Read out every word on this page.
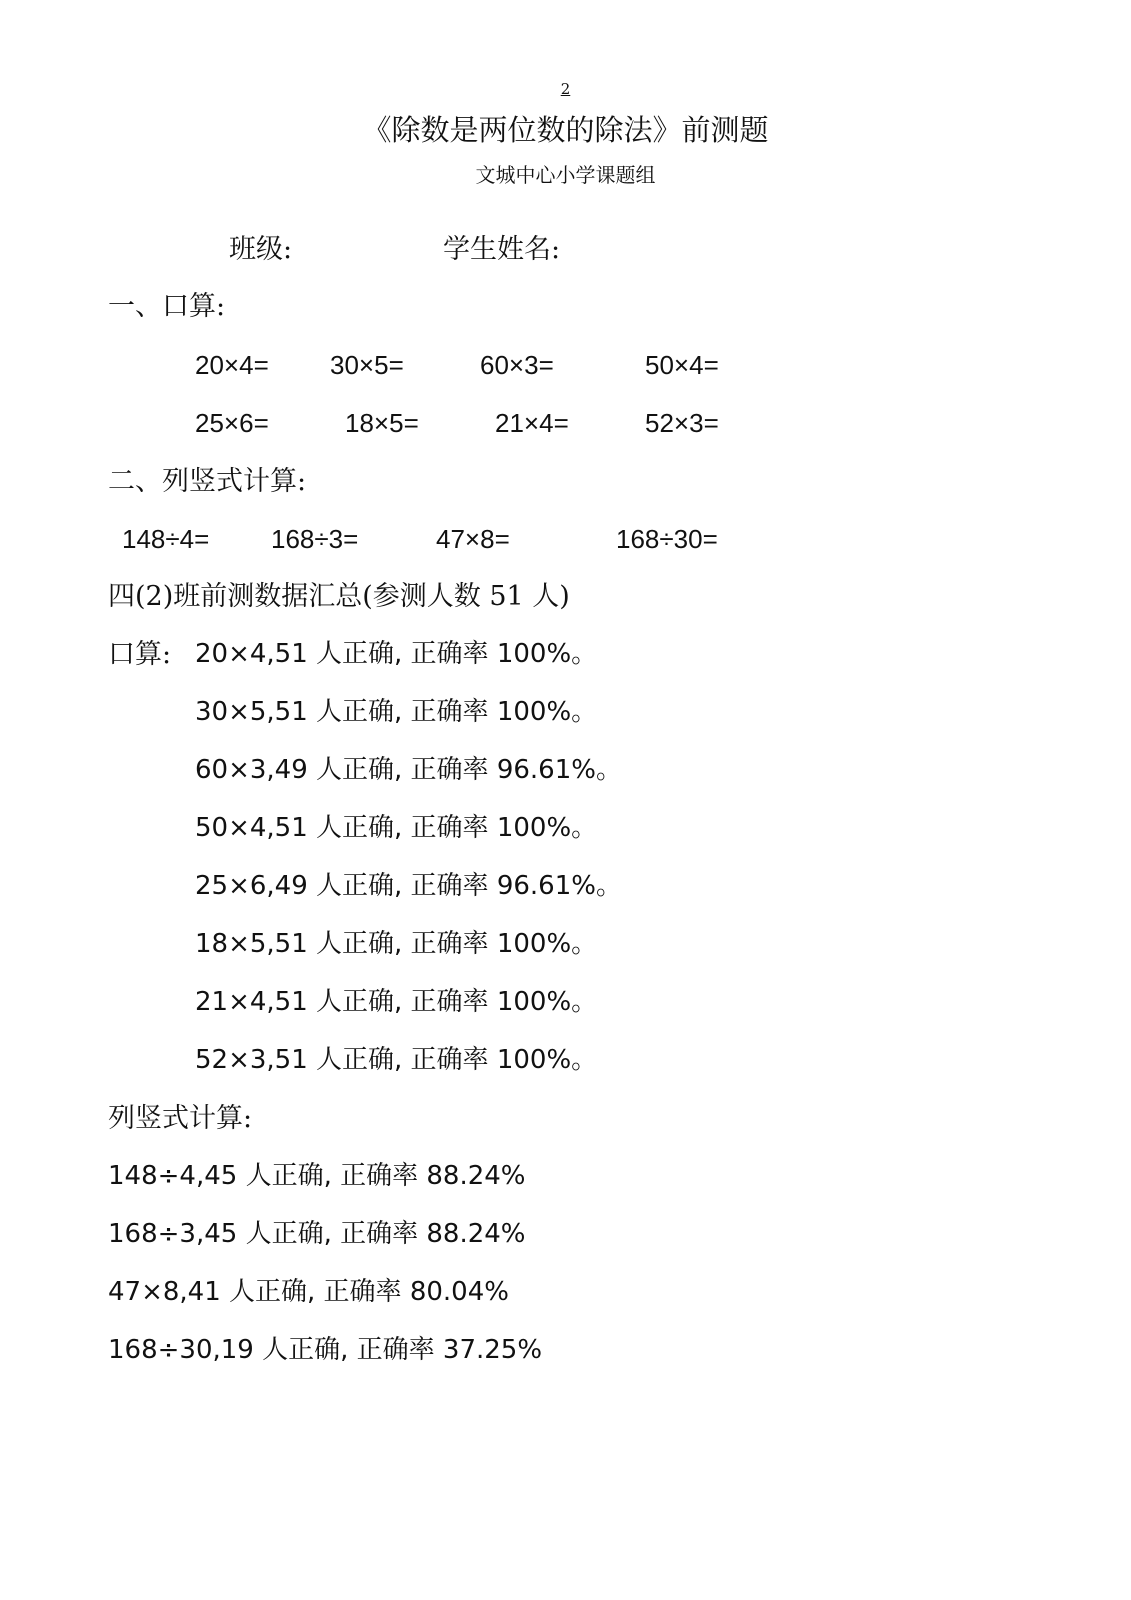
2
《除数是两位数的除法》前测题
文城中心小学课题组
班级:	学生姓名:
一、口算:
20×4= 30×5=	60×3=	50×4=
25×6=	18×5=	21×4=	52×3=
二、列竖式计算:
148÷4= 168÷3=	47×8=	168÷30=
四(2)班前测数据汇总(参测人数 51 人)
口算: 20×4,51 人正确, 正确率 100%。
30×5,51 人正确, 正确率 100%。
60×3,49 人正确, 正确率 96.61%。
50×4,51 人正确, 正确率 100%。
25×6,49 人正确, 正确率 96.61%。
18×5,51 人正确, 正确率 100%。
21×4,51 人正确, 正确率 100%。
52×3,51 人正确, 正确率 100%。
列竖式计算:
148÷4,45 人正确, 正确率 88.24%
168÷3,45 人正确, 正确率 88.24%
47×8,41 人正确, 正确率 80.04%
168÷30,19 人正确, 正确率 37.25%
